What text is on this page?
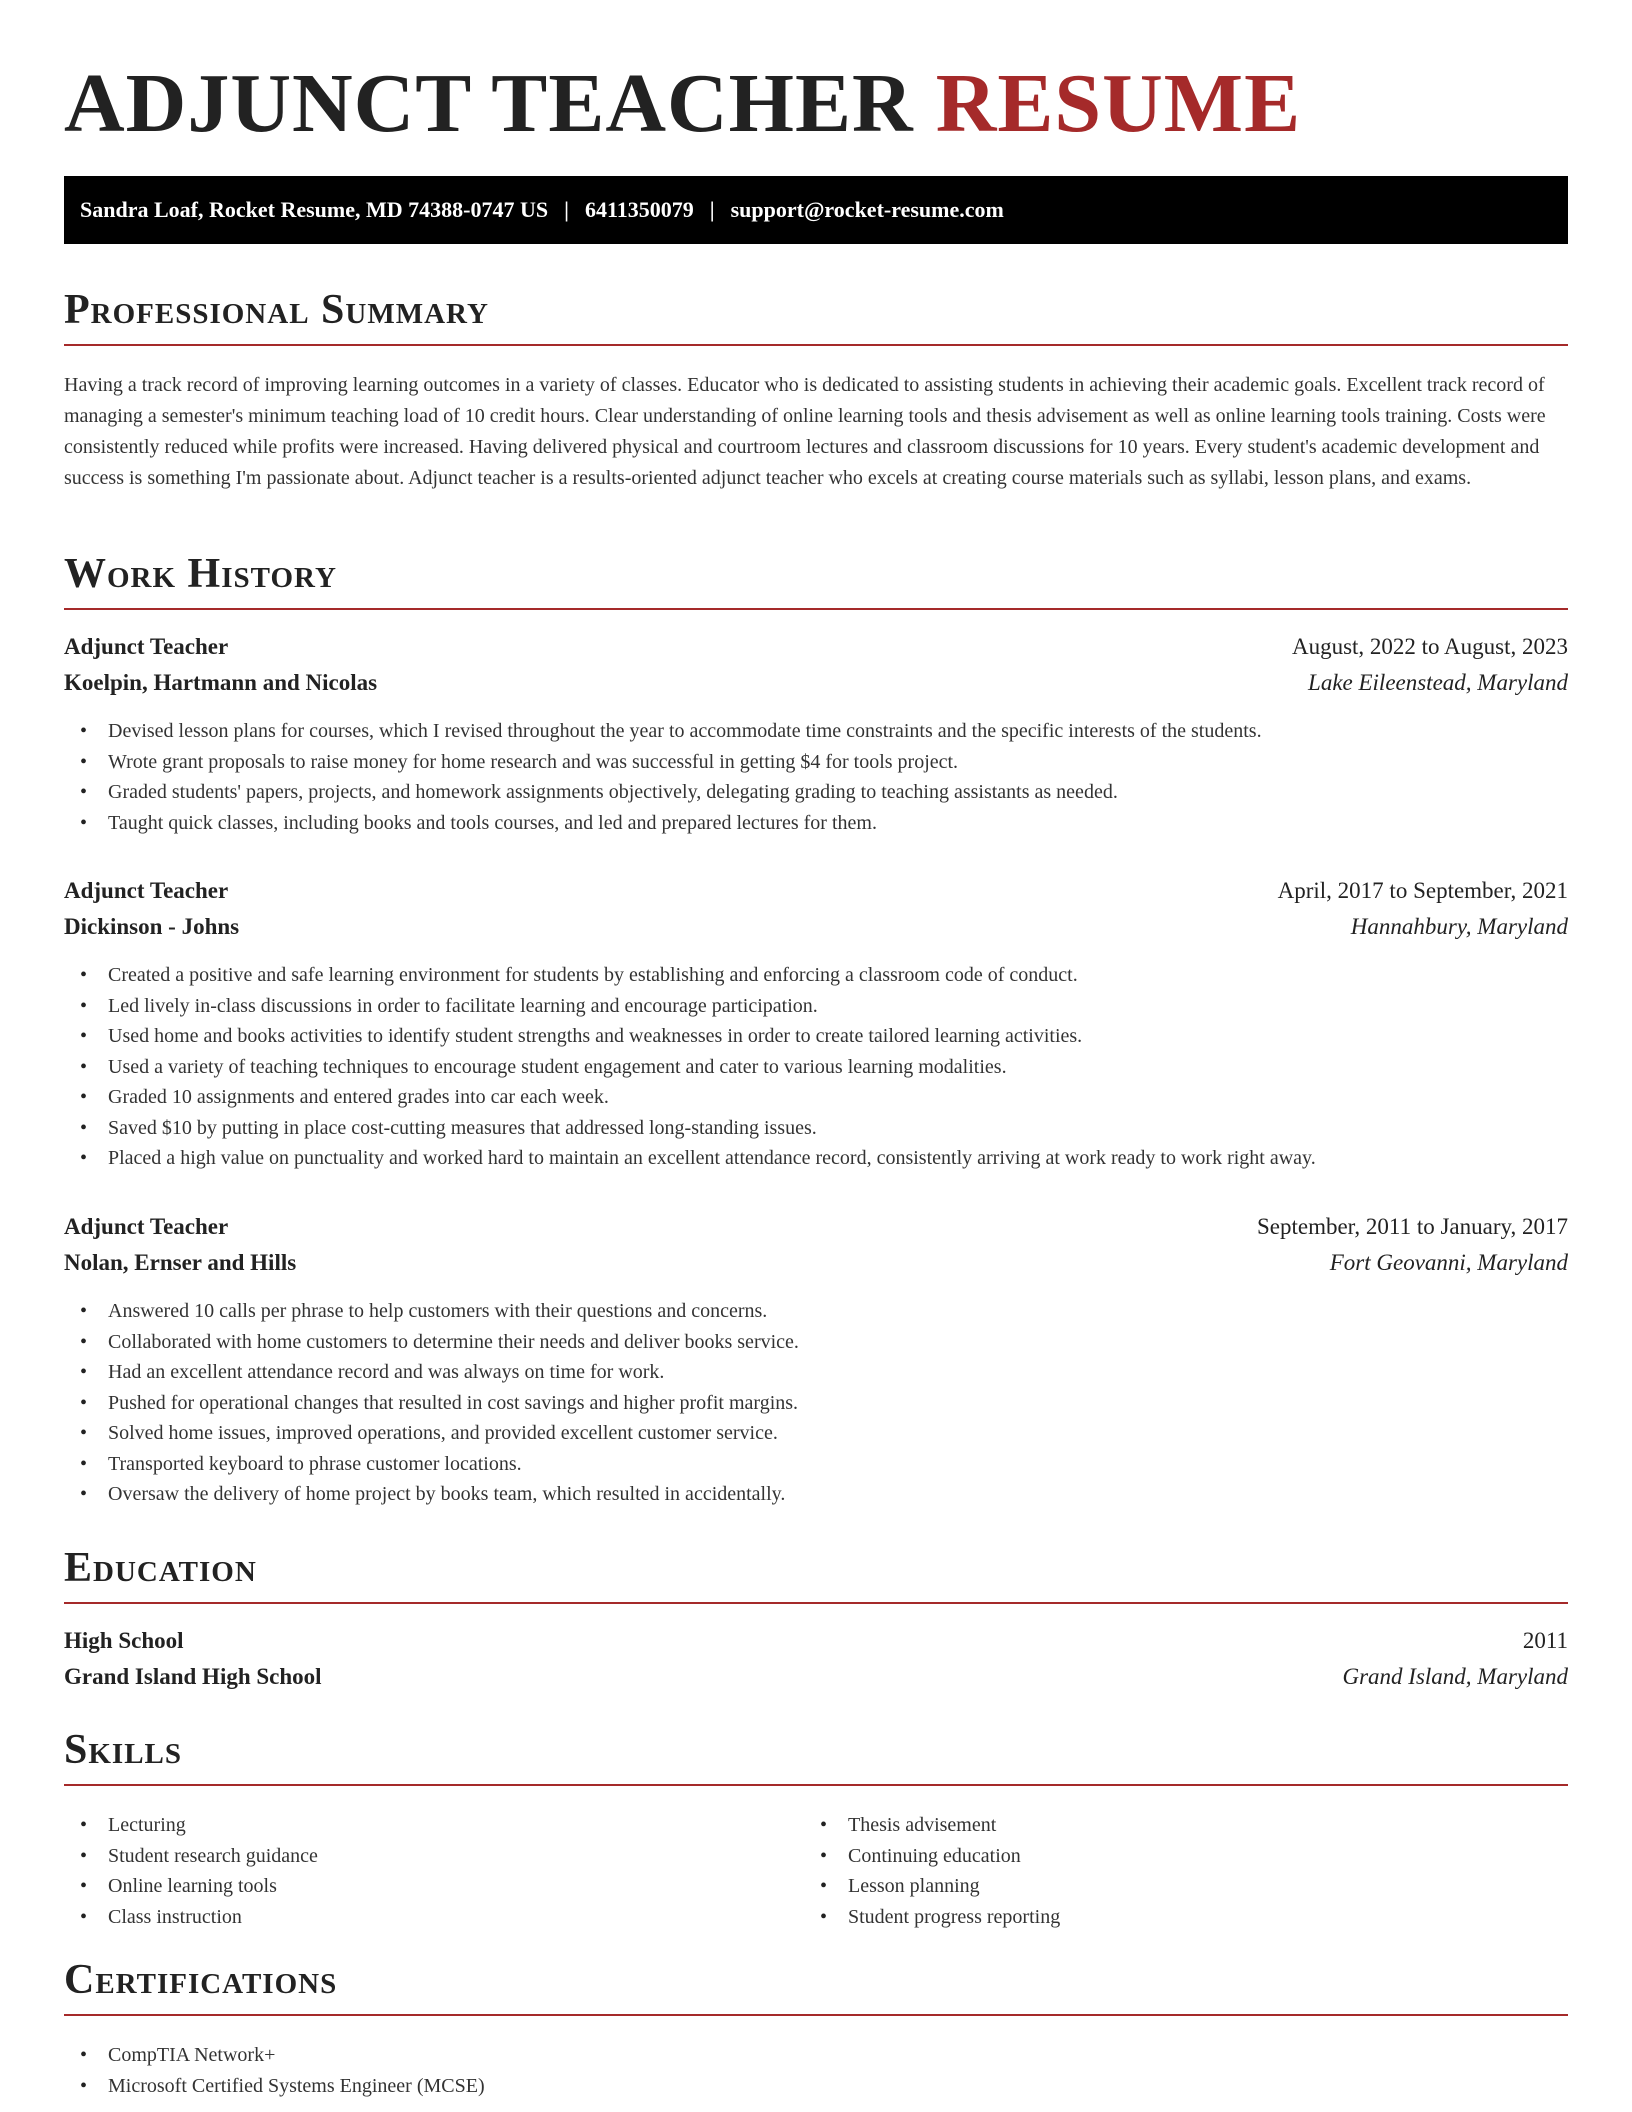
ADJUNCT TEACHER RESUME
Sandra Loaf, Rocket Resume, MD 74388-0747 US | 6411350079 | support@rocket-resume.com
Professional Summary

Having a track record of improving learning outcomes in a variety of classes. Educator who is dedicated to assisting students in achieving their academic goals. Excellent track record of managing a semester's minimum teaching load of 10 credit hours. Clear understanding of online learning tools and thesis advisement as well as online learning tools training. Costs were consistently reduced while profits were increased. Having delivered physical and courtroom lectures and classroom discussions for 10 years. Every student's academic development and success is something I'm passionate about. Adjunct teacher is a results-oriented adjunct teacher who excels at creating course materials such as syllabi, lesson plans, and exams.

Work History
Adjunct Teacher	August, 2022 to August, 2023
Koelpin, Hartmann and Nicolas	Lake Eileenstead, Maryland
• Devised lesson plans for courses, which I revised throughout the year to accommodate time constraints and the specific interests of the students.
• Wrote grant proposals to raise money for home research and was successful in getting $4 for tools project.
• Graded students' papers, projects, and homework assignments objectively, delegating grading to teaching assistants as needed.
• Taught quick classes, including books and tools courses, and led and prepared lectures for them.
Adjunct Teacher	April, 2017 to September, 2021
Dickinson - Johns	Hannahbury, Maryland
• Created a positive and safe learning environment for students by establishing and enforcing a classroom code of conduct.
• Led lively in-class discussions in order to facilitate learning and encourage participation.
• Used home and books activities to identify student strengths and weaknesses in order to create tailored learning activities.
• Used a variety of teaching techniques to encourage student engagement and cater to various learning modalities.
• Graded 10 assignments and entered grades into car each week.
• Saved $10 by putting in place cost-cutting measures that addressed long-standing issues.
• Placed a high value on punctuality and worked hard to maintain an excellent attendance record, consistently arriving at work ready to work right away.
Adjunct Teacher	September, 2011 to January, 2017
Nolan, Ernser and Hills	Fort Geovanni, Maryland
• Answered 10 calls per phrase to help customers with their questions and concerns.
• Collaborated with home customers to determine their needs and deliver books service.
• Had an excellent attendance record and was always on time for work.
• Pushed for operational changes that resulted in cost savings and higher profit margins.
• Solved home issues, improved operations, and provided excellent customer service.
• Transported keyboard to phrase customer locations.
• Oversaw the delivery of home project by books team, which resulted in accidentally.
Education
High School	2011
Grand Island High School	Grand Island, Maryland
Skills
• Lecturing
• Student research guidance
• Online learning tools
• Class instruction
• Thesis advisement
• Continuing education
• Lesson planning
• Student progress reporting
Certifications
• CompTIA Network+
• Microsoft Certified Systems Engineer (MCSE)
